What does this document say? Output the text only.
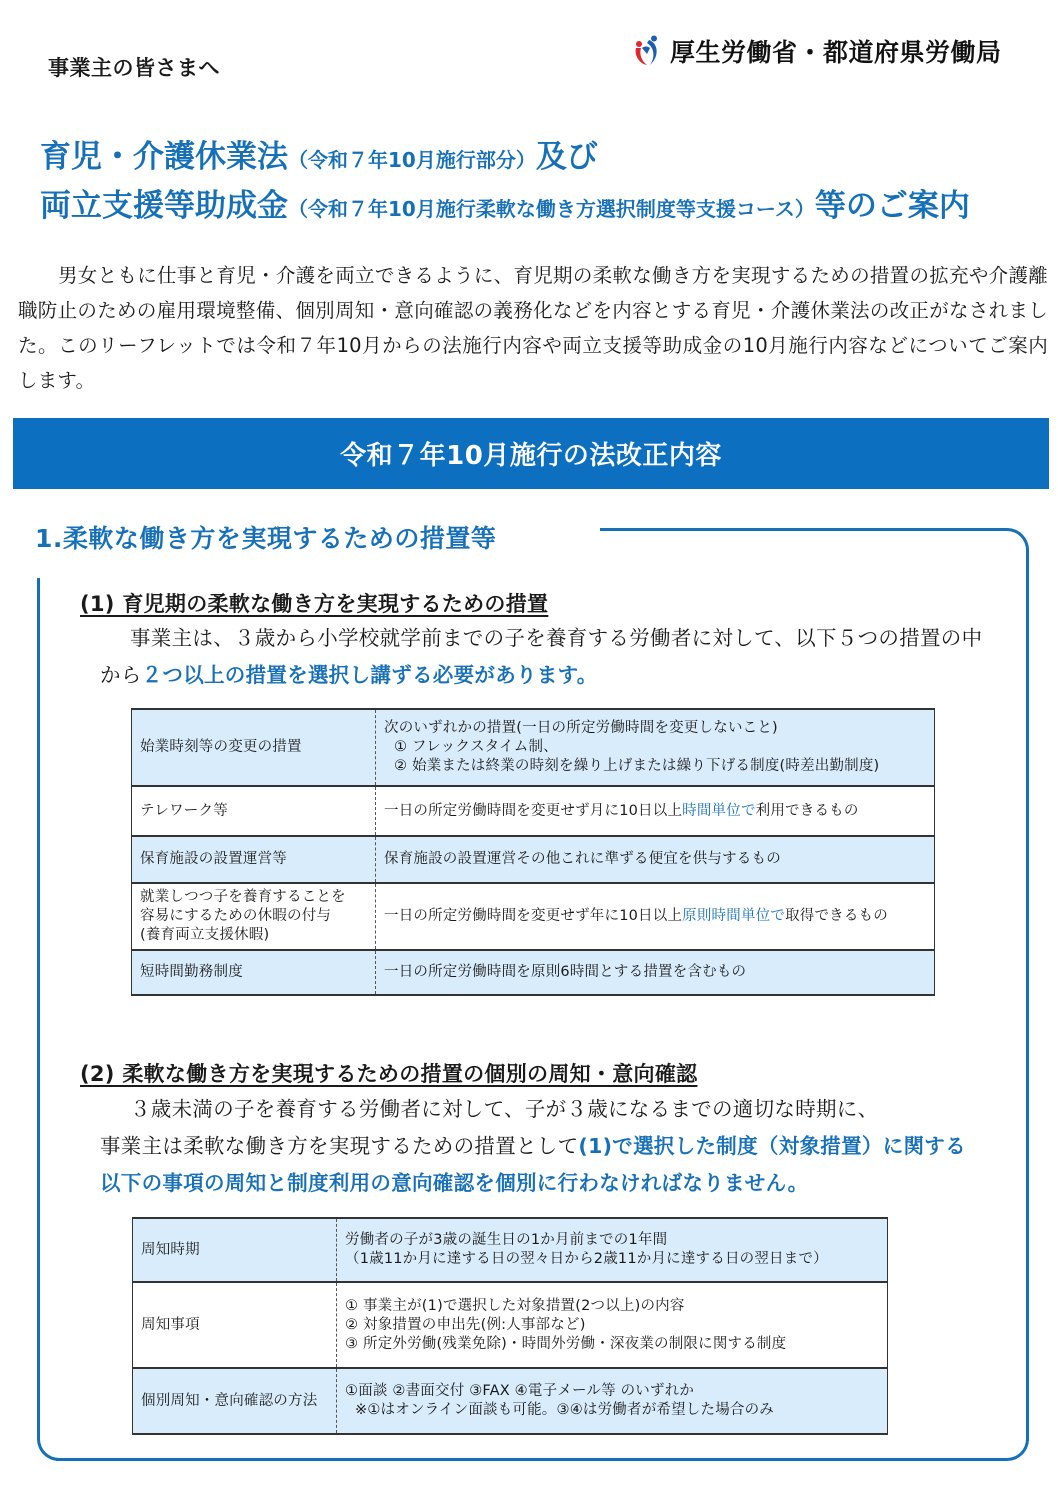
事業主の皆さまへ
厚生労働省・都道府県労働局
育児・介護休業法（令和７年10月施行部分）及び
両立支援等助成金（令和７年10月施行柔軟な働き方選択制度等支援コース）等のご案内

男女ともに仕事と育児・介護を両立できるように、育児期の柔軟な働き方を実現するための措置の拡充や介護離職防止のための雇用環境整備、個別周知・意向確認の義務化などを内容とする育児・介護休業法の改正がなされました。このリーフレットでは令和７年10月からの法施行内容や両立支援等助成金の10月施行内容などについてご案内します。

令和７年10月施行の法改正内容
1.柔軟な働き方を実現するための措置等
(1) 育児期の柔軟な働き方を実現するための措置
事業主は、３歳から小学校就学前までの子を養育する労働者に対して、以下５つの措置の中から２つ以上の措置を選択し講ずる必要があります。
始業時刻等の変更の措置	次のいずれかの措置(一日の所定労働時間を変更しないこと)
① フレックスタイム制、
② 始業または終業の時刻を繰り上げまたは繰り下げる制度(時差出勤制度)

テレワーク等	一日の所定労働時間を変更せず月に10日以上時間単位で利用できるもの
保育施設の設置運営等	保育施設の設置運営その他これに準ずる便宜を供与するもの

就業しつつ子を養育することを
容易にするための休暇の付与
(養育両立支援休暇)	一日の所定労働時間を変更せず年に10日以上原則時間単位で取得できるもの
短時間勤務制度	一日の所定労働時間を原則6時間とする措置を含むもの
(2) 柔軟な働き方を実現するための措置の個別の周知・意向確認
３歳未満の子を養育する労働者に対して、子が３歳になるまでの適切な時期に、
事業主は柔軟な働き方を実現するための措置として(1)で選択した制度（対象措置）に関する以下の事項の周知と制度利用の意向確認を個別に行わなければなりません。
周知時期	労働者の子が3歳の誕生日の1か月前までの1年間
（1歳11か月に達する日の翌々日から2歳11か月に達する日の翌日まで）

周知事項	① 事業主が(1)で選択した対象措置(2つ以上)の内容
② 対象措置の申出先(例:人事部など)
③ 所定外労働(残業免除)・時間外労働・深夜業の制限に関する制度

個別周知・意向確認の方法	①面談 ②書面交付 ③FAX ④電子メール等 のいずれか
※①はオンライン面談も可能。③④は労働者が希望した場合のみ
